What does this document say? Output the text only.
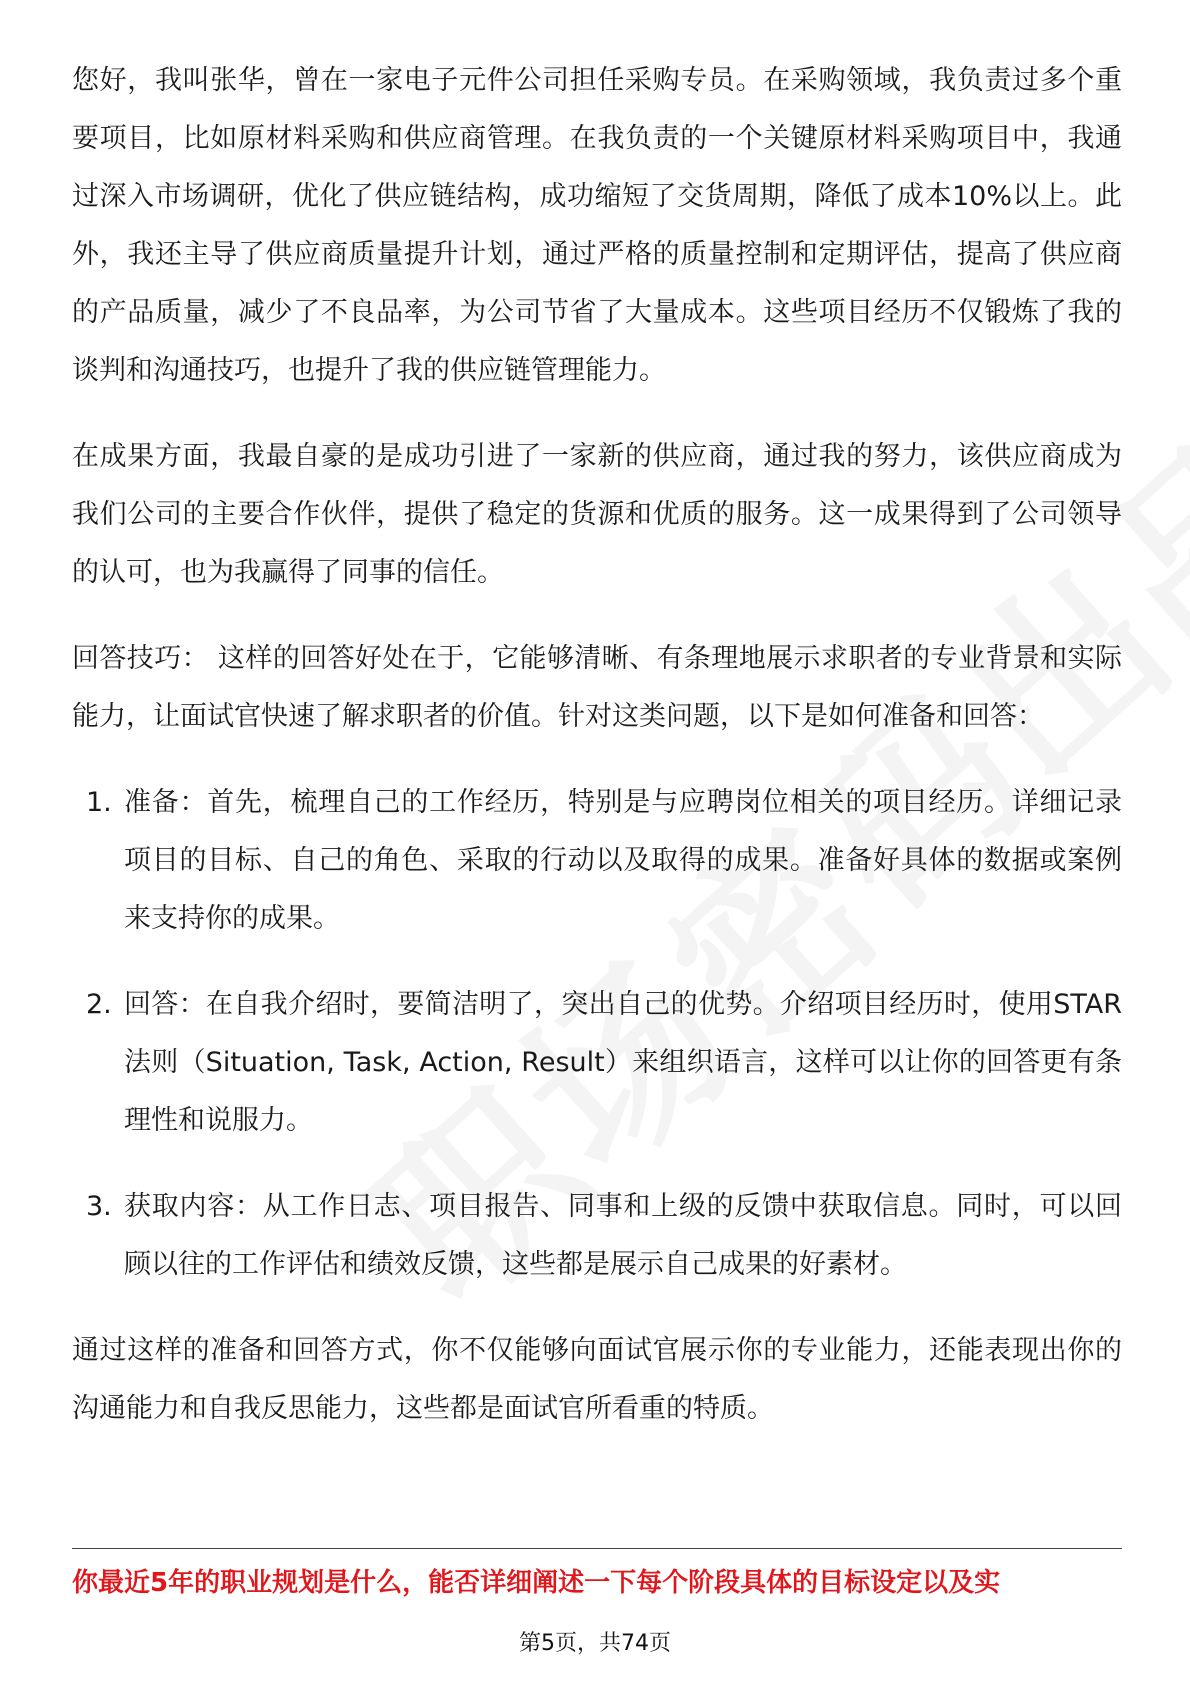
您好，我叫张华，曾在一家电子元件公司担任采购专员。在采购领域，我负责过多个重要项目，比如原材料采购和供应商管理。在我负责的一个关键原材料采购项目中，我通过深入市场调研，优化了供应链结构，成功缩短了交货周期，降低了成本10%以上。此外，我还主导了供应商质量提升计划，通过严格的质量控制和定期评估，提高了供应商的产品质量，减少了不良品率，为公司节省了大量成本。这些项目经历不仅锻炼了我的谈判和沟通技巧，也提升了我的供应链管理能力。

在成果方面，我最自豪的是成功引进了一家新的供应商，通过我的努力，该供应商成为我们公司的主要合作伙伴，提供了稳定的货源和优质的服务。这一成果得到了公司领导的认可，也为我赢得了同事的信任。

回答技巧： 这样的回答好处在于，它能够清晰、有条理地展示求职者的专业背景和实际能力，让面试官快速了解求职者的价值。针对这类问题，以下是如何准备和回答：

1. 准备：首先，梳理自己的工作经历，特别是与应聘岗位相关的项目经历。详细记录项目的目标、自己的角色、采取的行动以及取得的成果。准备好具体的数据或案例来支持你的成果。
2. 回答：在自我介绍时，要简洁明了，突出自己的优势。介绍项目经历时，使用STAR法则（Situation, Task, Action, Result）来组织语言，这样可以让你的回答更有条理性和说服力。
3. 获取内容：从工作日志、项目报告、同事和上级的反馈中获取信息。同时，可以回顾以往的工作评估和绩效反馈，这些都是展示自己成果的好素材。

通过这样的准备和回答方式，你不仅能够向面试官展示你的专业能力，还能表现出你的沟通能力和自我反思能力，这些都是面试官所看重的特质。

你最近5年的职业规划是什么，能否详细阐述一下每个阶段具体的目标设定以及实
第5页，共74页
